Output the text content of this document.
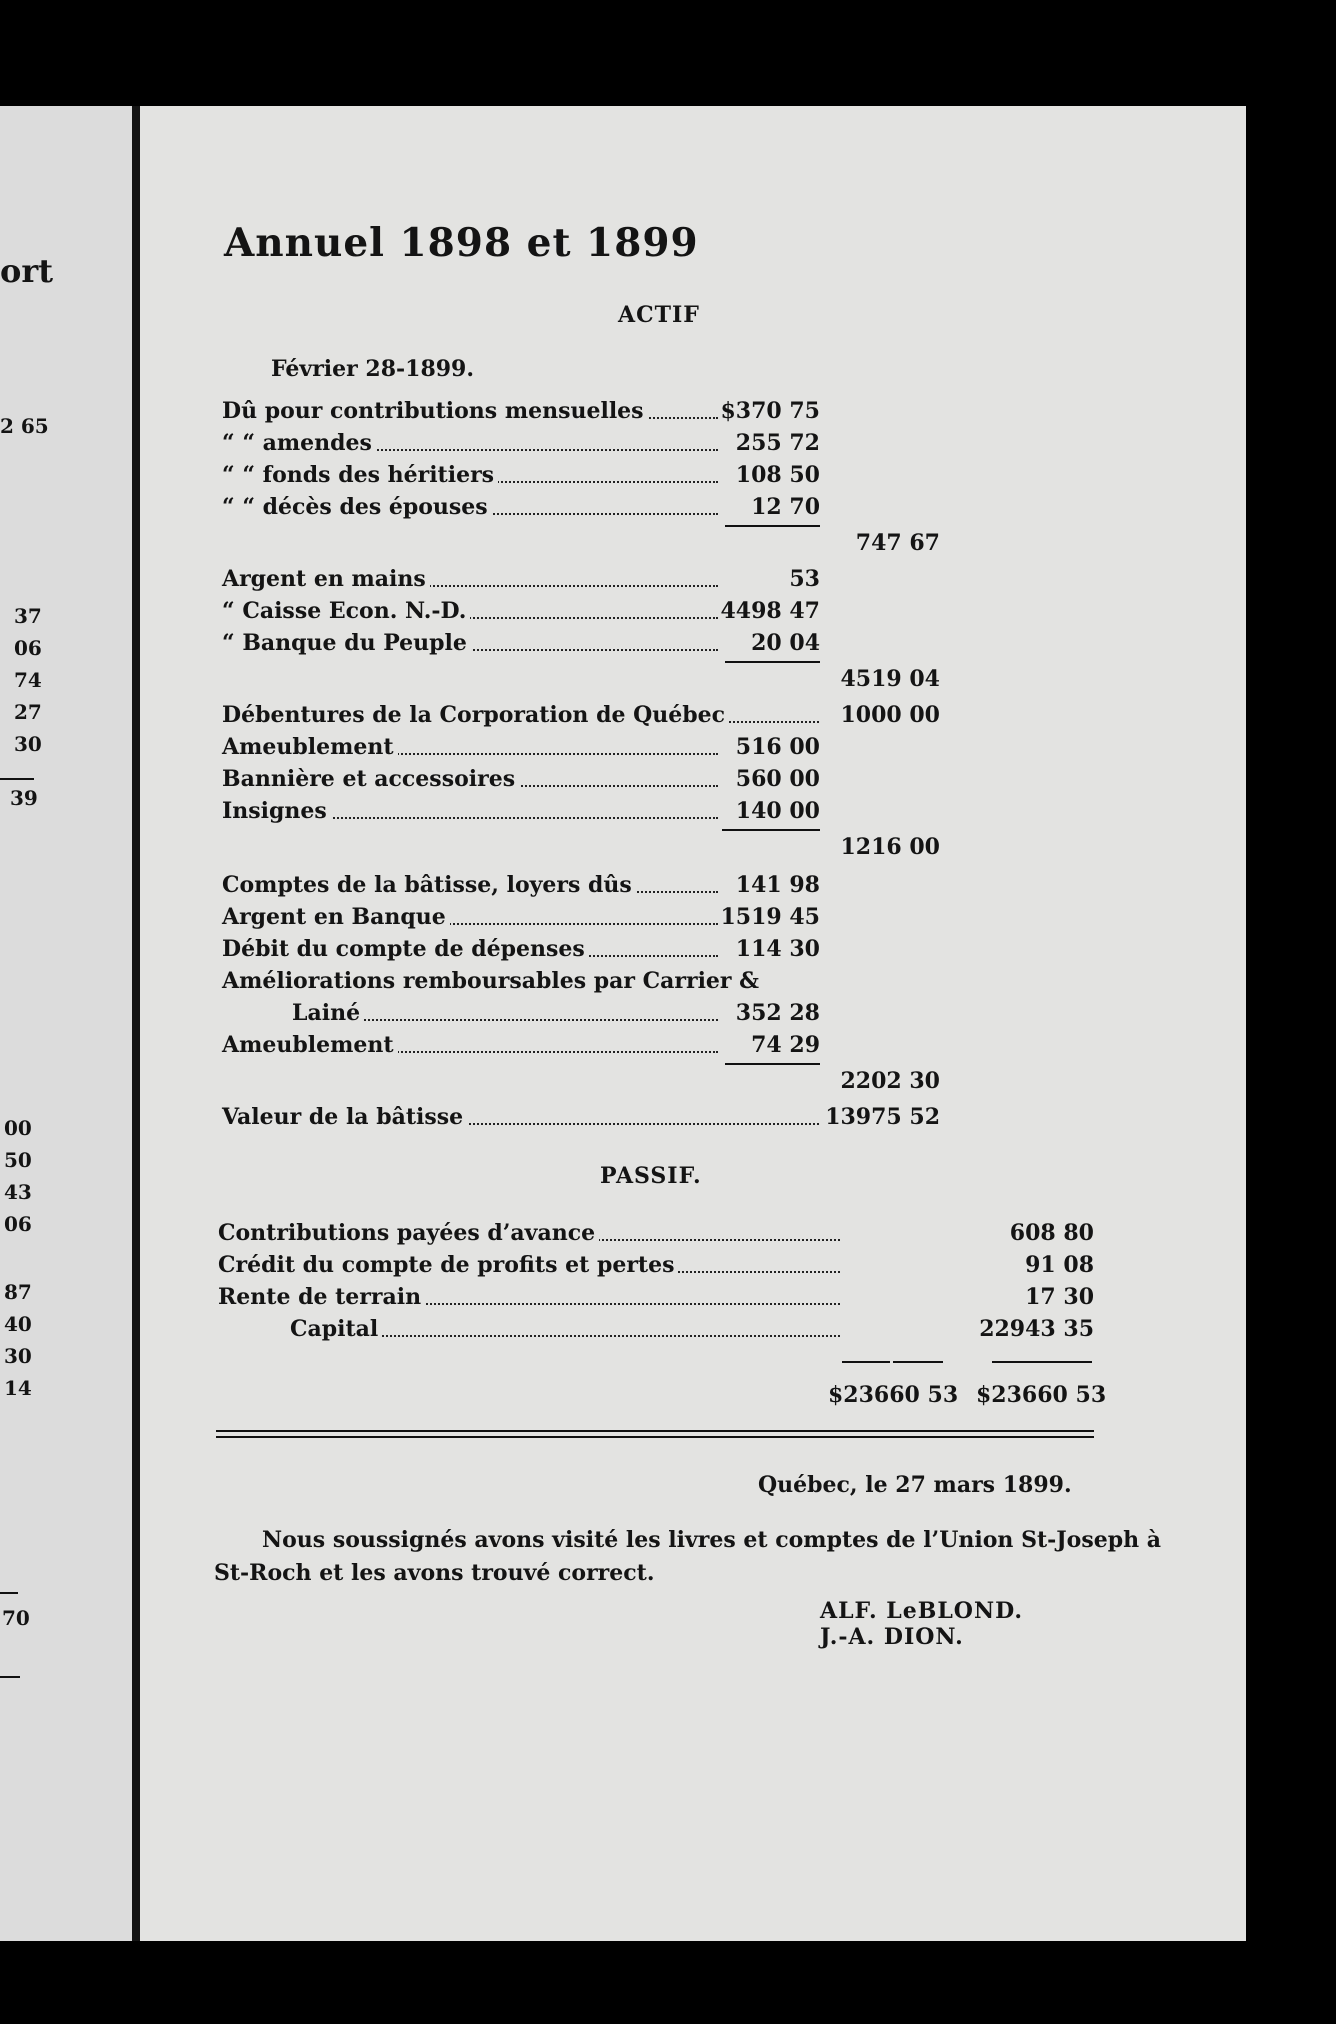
ort
2 65
37
06
74
27
30
39
00
50
43
06
87
40
30
14
70
Annuel 1898 et 1899
ACTIF
Février 28-1899.
Dû pour contributions mensuelles	$370 75
“ “ amendes	255 72
“ “ fonds des héritiers	108 50
“ “ décès des épouses	12 70
747 67
Argent en mains	53
“ Caisse Econ. N.-D.	4498 47
“ Banque du Peuple	20 04
4519 04
Débentures de la Corporation de Québec	1000 00
Ameublement	516 00
Bannière et accessoires	560 00
Insignes	140 00
1216 00
Comptes de la bâtisse, loyers dûs	141 98
Argent en Banque	1519 45
Débit du compte de dépenses	114 30
Améliorations remboursables par Carrier &
Lainé	352 28
Ameublement	74 29
2202 30
Valeur de la bâtisse	13975 52
PASSIF.
Contributions payées d’avance	608 80
Crédit du compte de profits et pertes	91 08
Rente de terrain	17 30
Capital	22943 35
$23660 53 $23660 53
Québec, le 27 mars 1899.
Nous soussignés avons visité les livres et comptes de l’Union St-Joseph à
St-Roch et les avons trouvé correct.
ALF. LeBLOND.
J.-A. DION.
